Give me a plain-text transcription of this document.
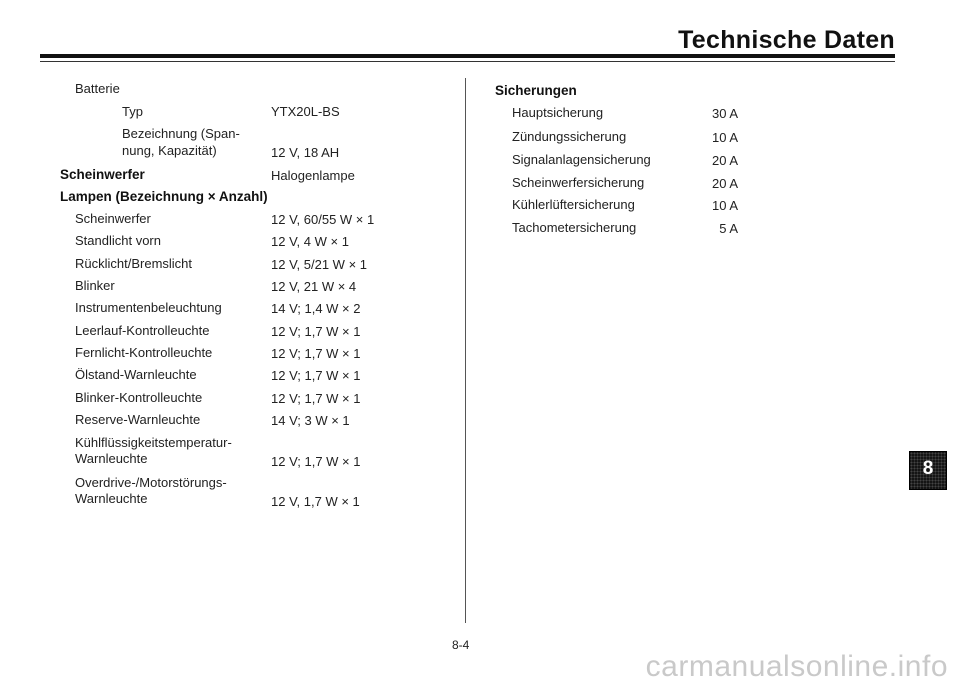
Technische Daten
Batterie
Typ	YTX20L-BS
Bezeichnung (Span-
nung, Kapazität)	12 V, 18 AH
Scheinwerfer	Halogenlampe
Lampen (Bezeichnung × Anzahl)
Scheinwerfer	12 V, 60/55 W × 1
Standlicht vorn	12 V, 4 W × 1
Rücklicht/Bremslicht	12 V, 5/21 W × 1
Blinker	12 V, 21 W × 4
Instrumentenbeleuchtung	14 V; 1,4 W × 2
Leerlauf-Kontrolleuchte	12 V; 1,7 W × 1
Fernlicht-Kontrolleuchte	12 V; 1,7 W × 1
Ölstand-Warnleuchte	12 V; 1,7 W × 1
Blinker-Kontrolleuchte	12 V; 1,7 W × 1
Reserve-Warnleuchte	14 V; 3 W × 1
Kühlflüssigkeitstemperatur-
Warnleuchte	12 V; 1,7 W × 1
Overdrive-/Motorstörungs-
Warnleuchte	12 V, 1,7 W × 1
Sicherungen
Hauptsicherung	30 A
Zündungssicherung	10 A
Signalanlagensicherung	20 A
Scheinwerfersicherung	20 A
Kühlerlüftersicherung	10 A
Tachometersicherung	5 A
8-4
8
carmanualsonline.info
